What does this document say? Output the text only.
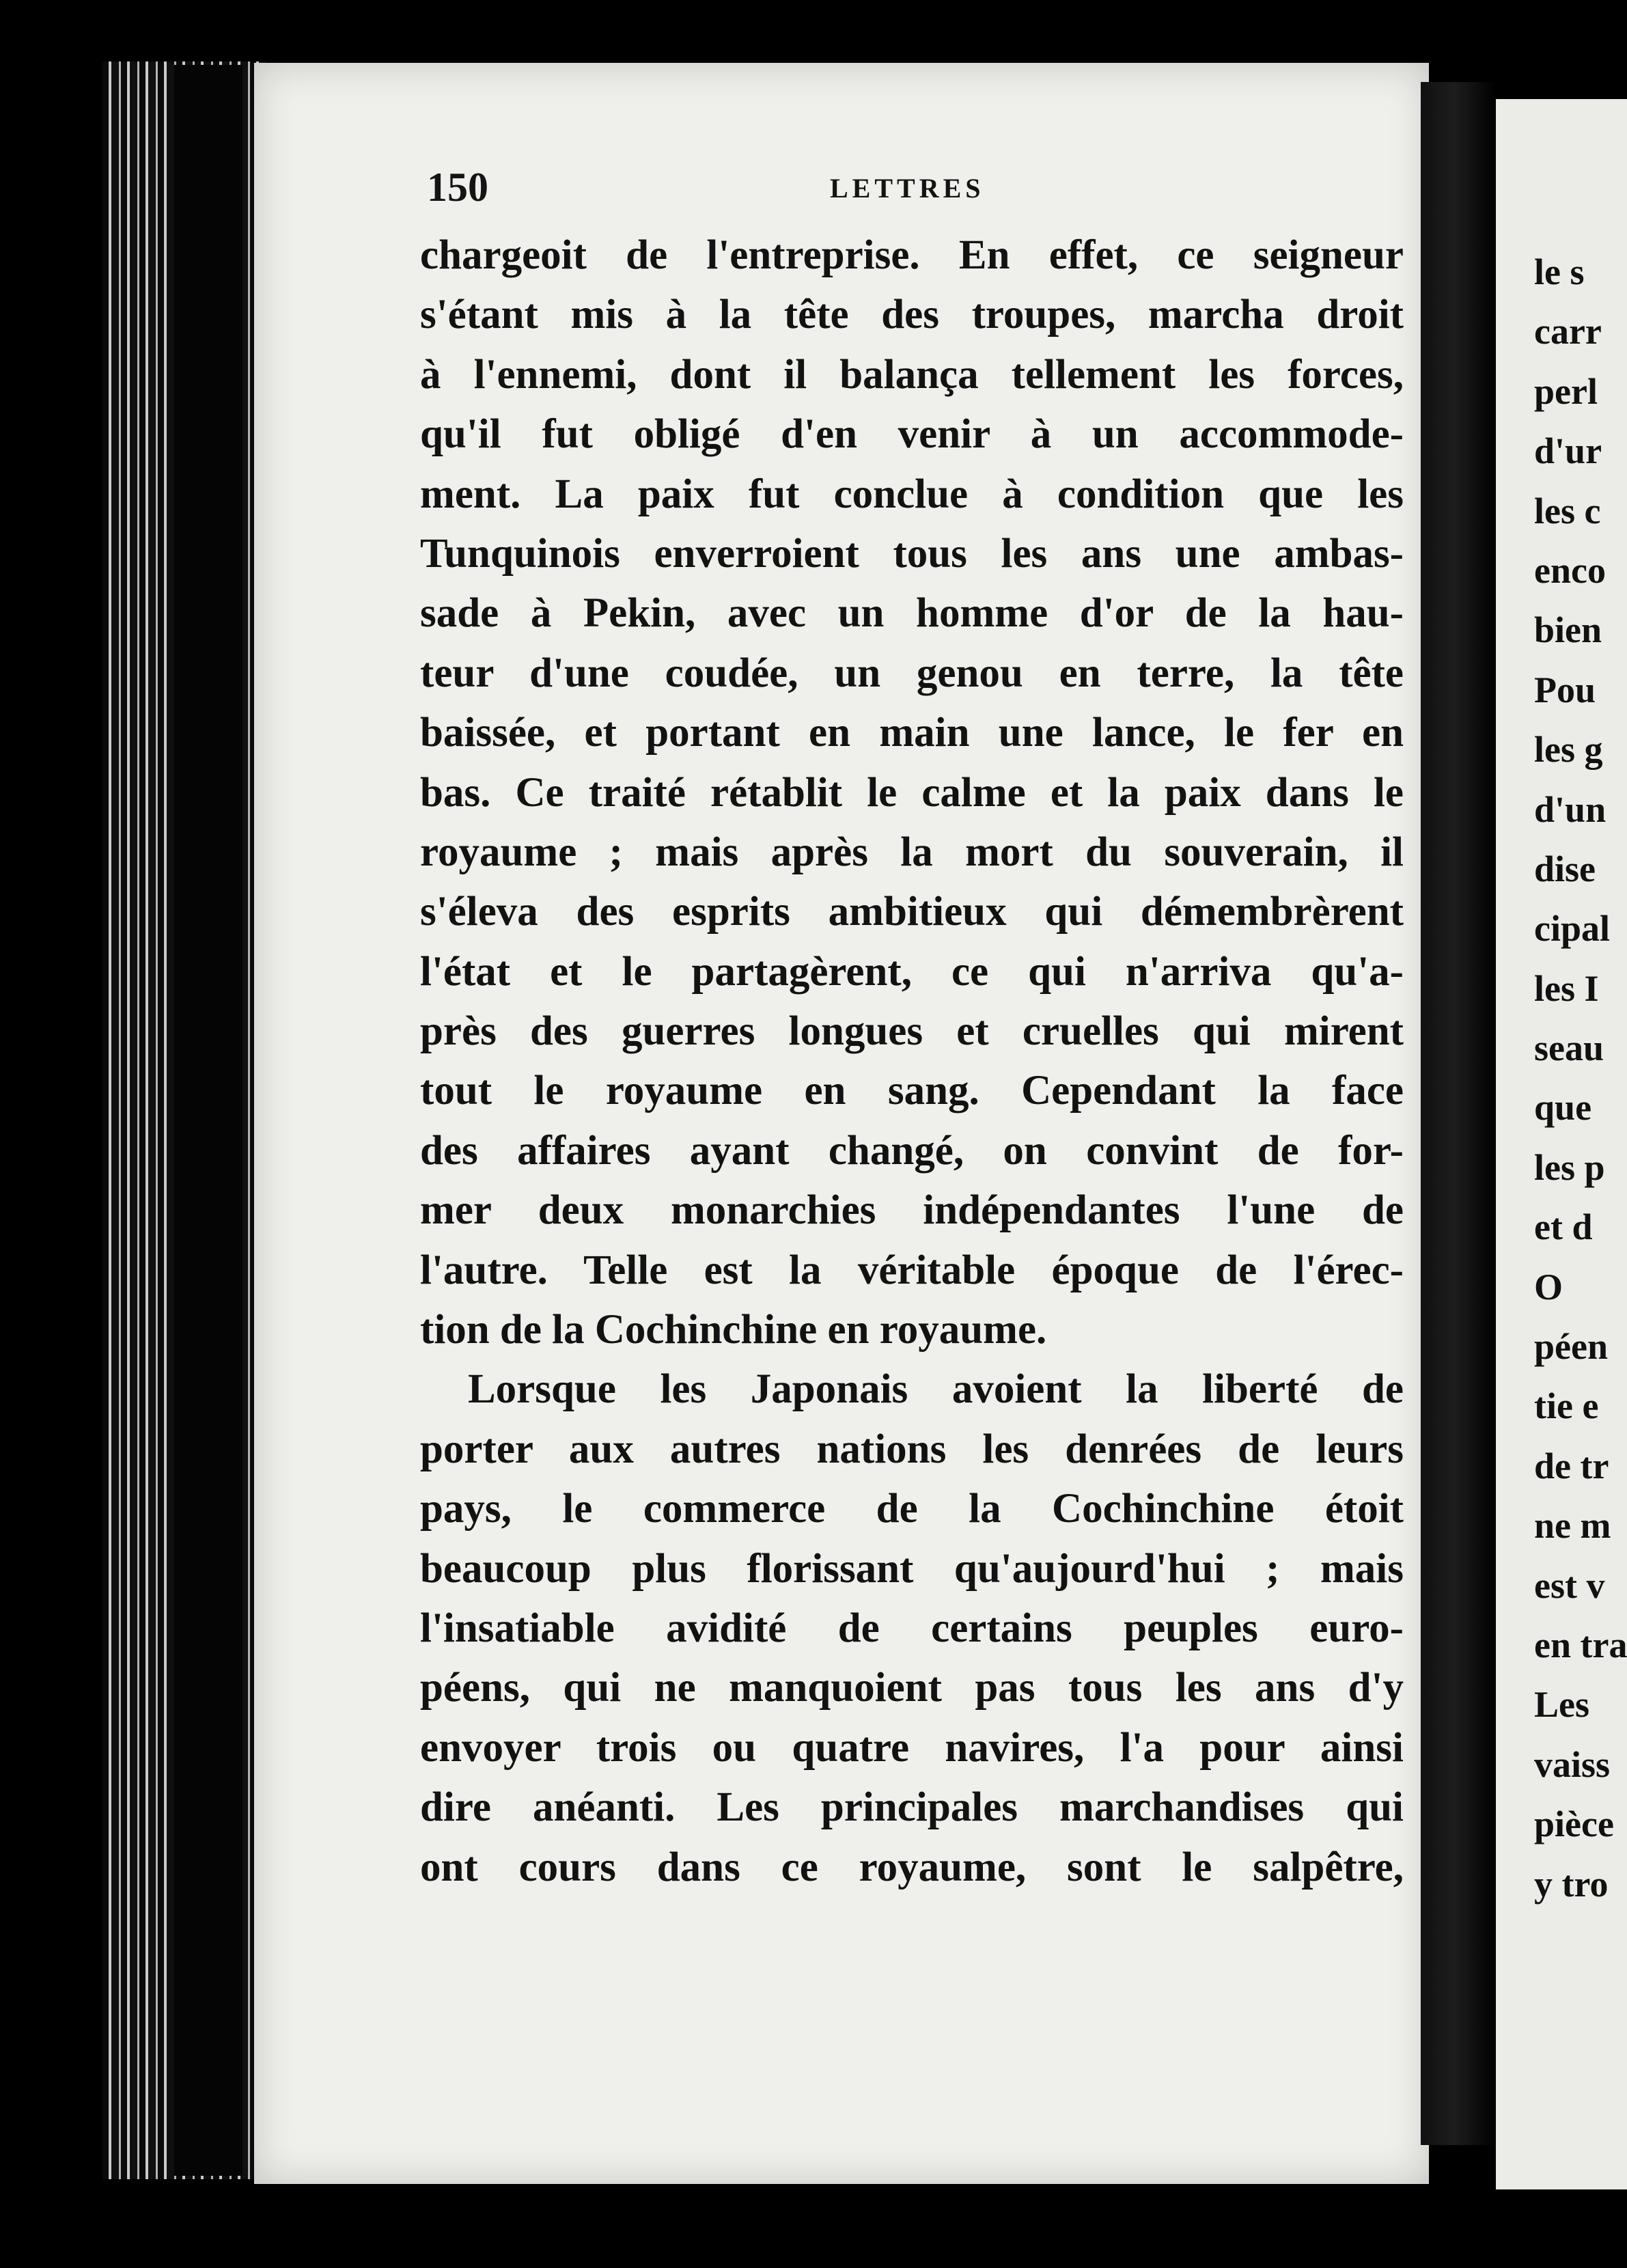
150	LETTRES
chargeoit de l'entreprise. En effet, ce seigneur
s'étant mis à la tête des troupes, marcha droit
à l'ennemi, dont il balança tellement les forces,
qu'il fut obligé d'en venir à un accommode-
ment. La paix fut conclue à condition que les
Tunquinois enverroient tous les ans une ambas-
sade à Pekin, avec un homme d'or de la hau-
teur d'une coudée, un genou en terre, la tête
baissée, et portant en main une lance, le fer en
bas. Ce traité rétablit le calme et la paix dans le
royaume ; mais après la mort du souverain, il
s'éleva des esprits ambitieux qui démembrèrent
l'état et le partagèrent, ce qui n'arriva qu'a-
près des guerres longues et cruelles qui mirent
tout le royaume en sang. Cependant la face
des affaires ayant changé, on convint de for-
mer deux monarchies indépendantes l'une de
l'autre. Telle est la véritable époque de l'érec-
tion de la Cochinchine en royaume.
Lorsque les Japonais avoient la liberté de
porter aux autres nations les denrées de leurs
pays, le commerce de la Cochinchine étoit
beaucoup plus florissant qu'aujourd'hui ; mais
l'insatiable avidité de certains peuples euro-
péens, qui ne manquoient pas tous les ans d'y
envoyer trois ou quatre navires, l'a pour ainsi
dire anéanti. Les principales marchandises qui
ont cours dans ce royaume, sont le salpêtre,
le s
carr
perl
d'ur
les c
enco
bien
Pou
les g
d'un
dise
cipal
les I
seau
que
les p
et d
O
péen
tie e
de tr
ne m
est v
en tra
Les
vaiss
pièce
y tro
